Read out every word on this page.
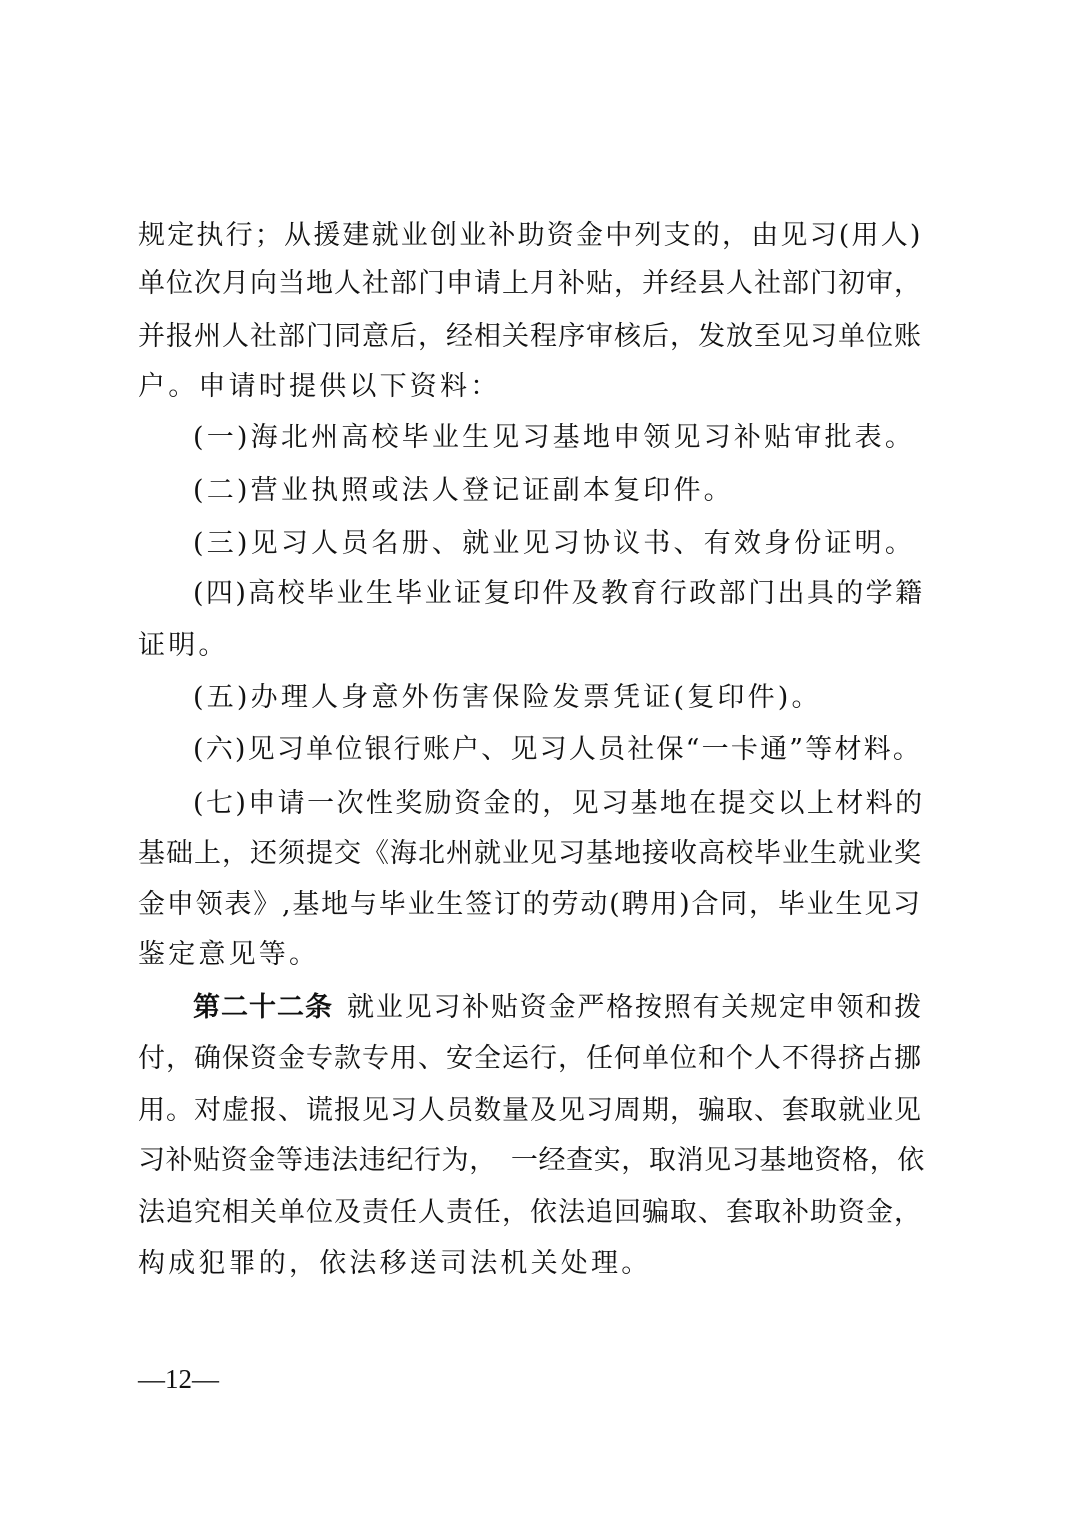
规定执行；从援建就业创业补助资金中列支的，由见习(用人)
单位次月向当地人社部门申请上月补贴，并经县人社部门初审，
并报州人社部门同意后，经相关程序审核后，发放至见习单位账
户。申请时提供以下资料：
(一)海北州高校毕业生见习基地申领见习补贴审批表。
(二)营业执照或法人登记证副本复印件。
(三)见习人员名册、就业见习协议书、有效身份证明。
(四)高校毕业生毕业证复印件及教育行政部门出具的学籍
证明。
(五)办理人身意外伤害保险发票凭证(复印件)。
(六)见习单位银行账户、见习人员社保“一卡通”等材料。
(七)申请一次性奖励资金的，见习基地在提交以上材料的
基础上，还须提交《海北州就业见习基地接收高校毕业生就业奖
金申领表》,基地与毕业生签订的劳动(聘用)合同，毕业生见习
鉴定意见等。
第二十二条 就业见习补贴资金严格按照有关规定申领和拨
付，确保资金专款专用、安全运行，任何单位和个人不得挤占挪
用。对虚报、谎报见习人员数量及见习周期，骗取、套取就业见
习补贴资金等违法违纪行为，　一经查实，取消见习基地资格，依
法追究相关单位及责任人责任，依法追回骗取、套取补助资金，
构成犯罪的，依法移送司法机关处理。
—12—
